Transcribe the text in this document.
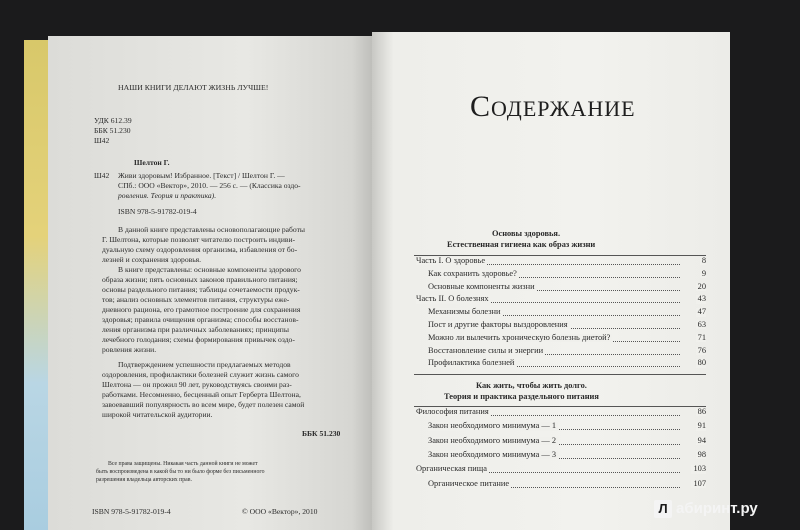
НАШИ КНИГИ ДЕЛАЮТ ЖИЗНЬ ЛУЧШЕ!
УДК 612.39
ББК 51.230
Ш42
Шелтон Г.
Ш42 Живи здоровым! Избранное. [Текст] / Шелтон Г. —
СПб.: ООО «Вектор», 2010. — 256 с. — (Классика оздо-
ровления. Теория и практика).
ISBN 978-5-91782-019-4
В данной книге представлены основополагающие работы
Г. Шелтона, которые позволят читателю построить индиви-
дуальную схему оздоровления организма, избавления от бо-
лезней и сохранения здоровья.
В книге представлены: основные компоненты здорового
образа жизни; пять основных законов правильного питания;
основы раздельного питания; таблицы сочетаемости продук-
тов; анализ основных элементов питания, структуры еже-
дневного рациона, его грамотное построение для сохранения
здоровья; правила очищения организма; способы восстанов-
ления организма при различных заболеваниях; принципы
лечебного голодания; схемы формирования привычек оздо-
ровления жизни.
Подтверждением успешности предлагаемых методов
оздоровления, профилактики болезней служит жизнь самого
Шелтона — он прожил 90 лет, руководствуясь своими раз-
работками. Несомненно, бесценный опыт Герберта Шелтона,
завоевавший популярность во всем мире, будет полезен самой
широкой читательской аудитории.
ББК 51.230
Все права защищены. Никакая часть данной книги не может
быть воспроизведена в какой бы то ни было форме без письменного
разрешения владельца авторских прав.
ISBN 978-5-91782-019-4	© ООО «Вектор», 2010
СОДЕРЖАНИЕ
Основы здоровья.
Естественная гигиена как образ жизни
Часть I. О здоровье	8
Как сохранить здоровье?	9
Основные компоненты жизни	20
Часть II. О болезнях	43
Механизмы болезни	47
Пост и другие факторы выздоровления	63
Можно ли вылечить хроническую болезнь диетой?	71
Восстановление силы и энергии	76
Профилактика болезней	80
Как жить, чтобы жить долго.
Теория и практика раздельного питания
Философия питания	86
Закон необходимого минимума — 1	91
Закон необходимого минимума — 2	94
Закон необходимого минимума — 3	98
Органическая пища	103
Органическое питание	107
Л абиринт.ру
